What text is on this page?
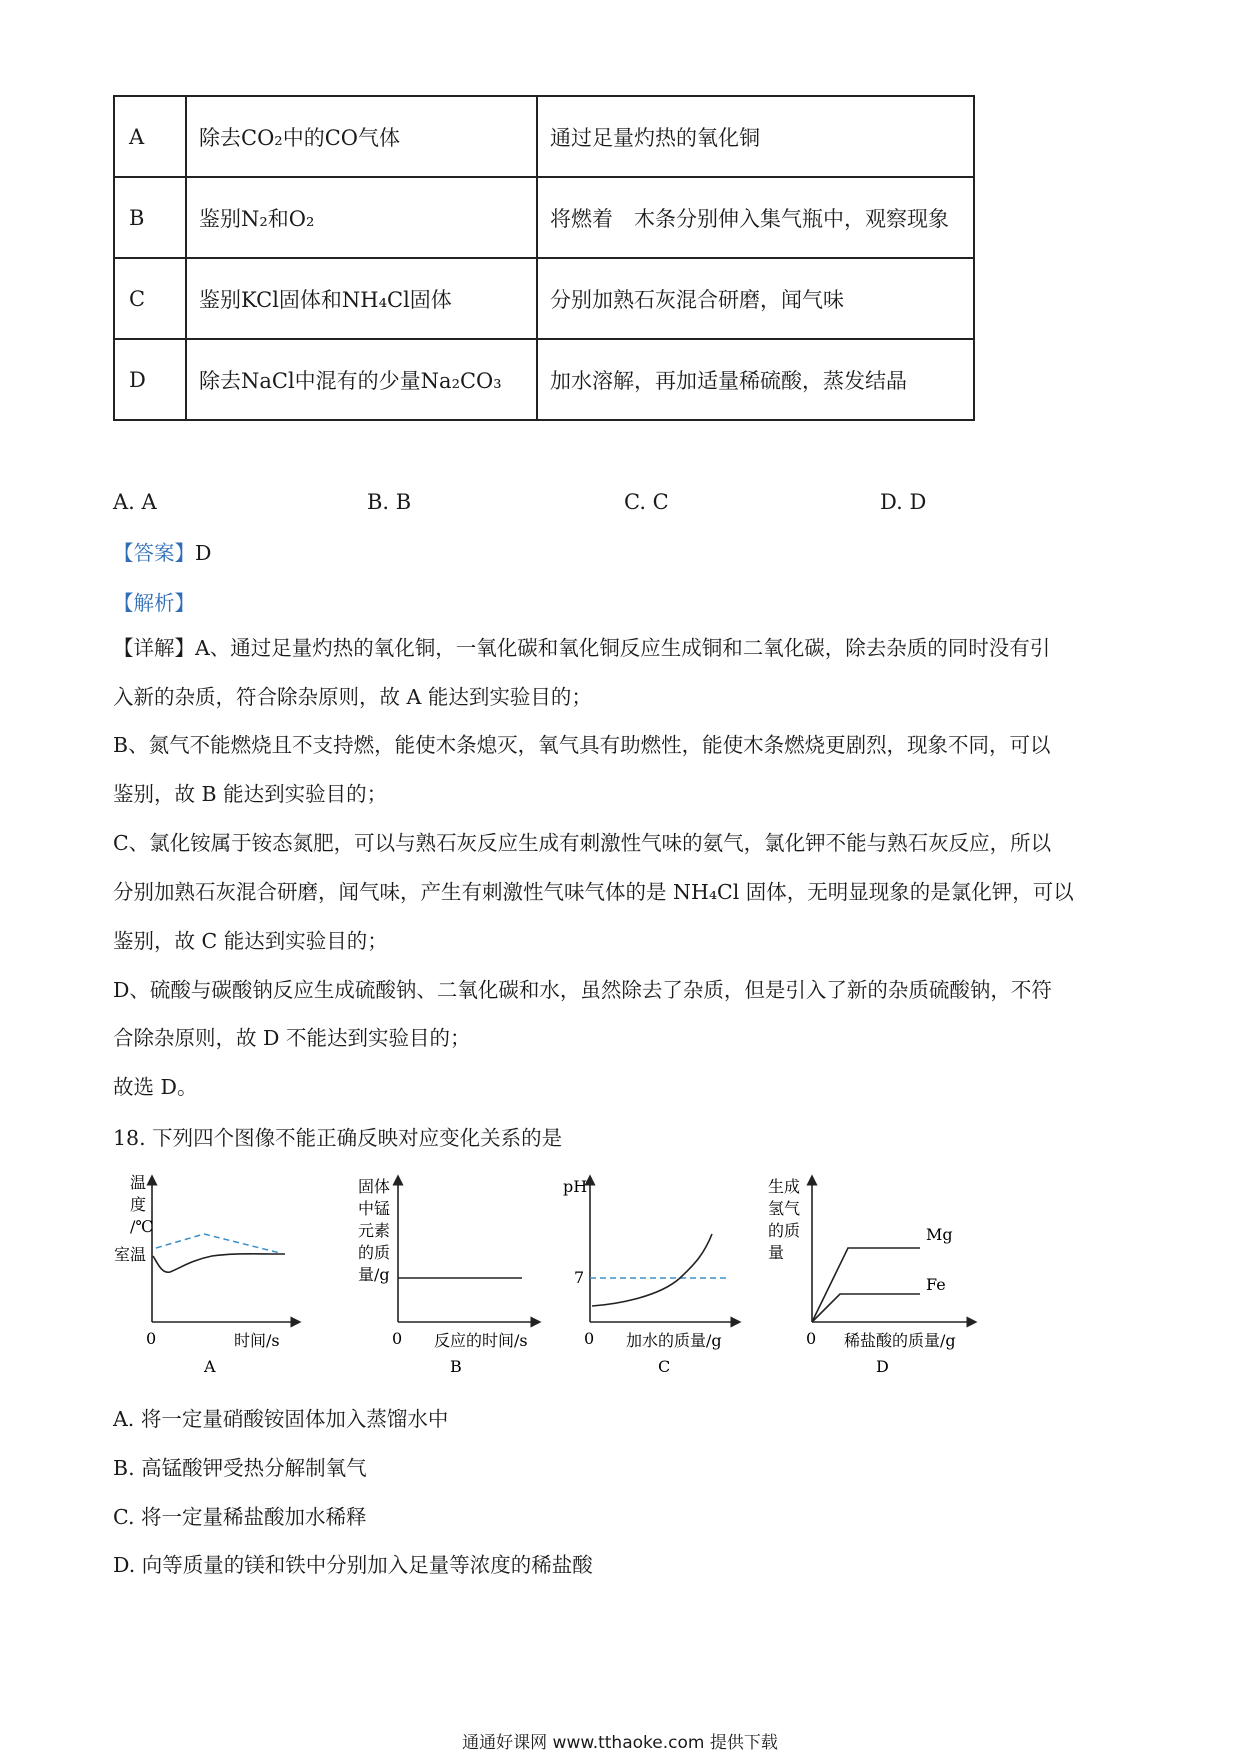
A	除去CO₂中的CO气体	通过足量灼热的氧化铜
B	鉴别N₂和O₂	将燃着　木条分别伸入集气瓶中，观察现象
C	鉴别KCl固体和NH₄Cl固体	分别加熟石灰混合研磨，闻气味
D	除去NaCl中混有的少量Na₂CO₃	加水溶解，再加适量稀硫酸，蒸发结晶
A. A	B. B	C. C	D. D
【答案】D
【解析】
【详解】A、通过足量灼热的氧化铜，一氧化碳和氧化铜反应生成铜和二氧化碳，除去杂质的同时没有引
入新的杂质，符合除杂原则，故 A 能达到实验目的；
B、氮气不能燃烧且不支持燃，能使木条熄灭，氧气具有助燃性，能使木条燃烧更剧烈，现象不同，可以
鉴别，故 B 能达到实验目的；
C、氯化铵属于铵态氮肥，可以与熟石灰反应生成有刺激性气味的氨气，氯化钾不能与熟石灰反应，所以
分别加熟石灰混合研磨，闻气味，产生有刺激性气味气体的是 NH₄Cl 固体，无明显现象的是氯化钾，可以
鉴别，故 C 能达到实验目的；
D、硫酸与碳酸钠反应生成硫酸钠、二氧化碳和水，虽然除去了杂质，但是引入了新的杂质硫酸钠，不符
合除杂原则，故 D 不能达到实验目的；
故选 D。
18. 下列四个图像不能正确反映对应变化关系的是
温
度
/℃
室温
0	时间/s
A
固体
中锰
元素
的质
量/g
0 反应的时间/s
B
pH
7
0 加水的质量/g
C
生成
氢气
的质
量
Mg
Fe
0 稀盐酸的质量/g
D
A. 将一定量硝酸铵固体加入蒸馏水中
B. 高锰酸钾受热分解制氧气
C. 将一定量稀盐酸加水稀释
D. 向等质量的镁和铁中分别加入足量等浓度的稀盐酸
通通好课网 www.tthaoke.com 提供下载
